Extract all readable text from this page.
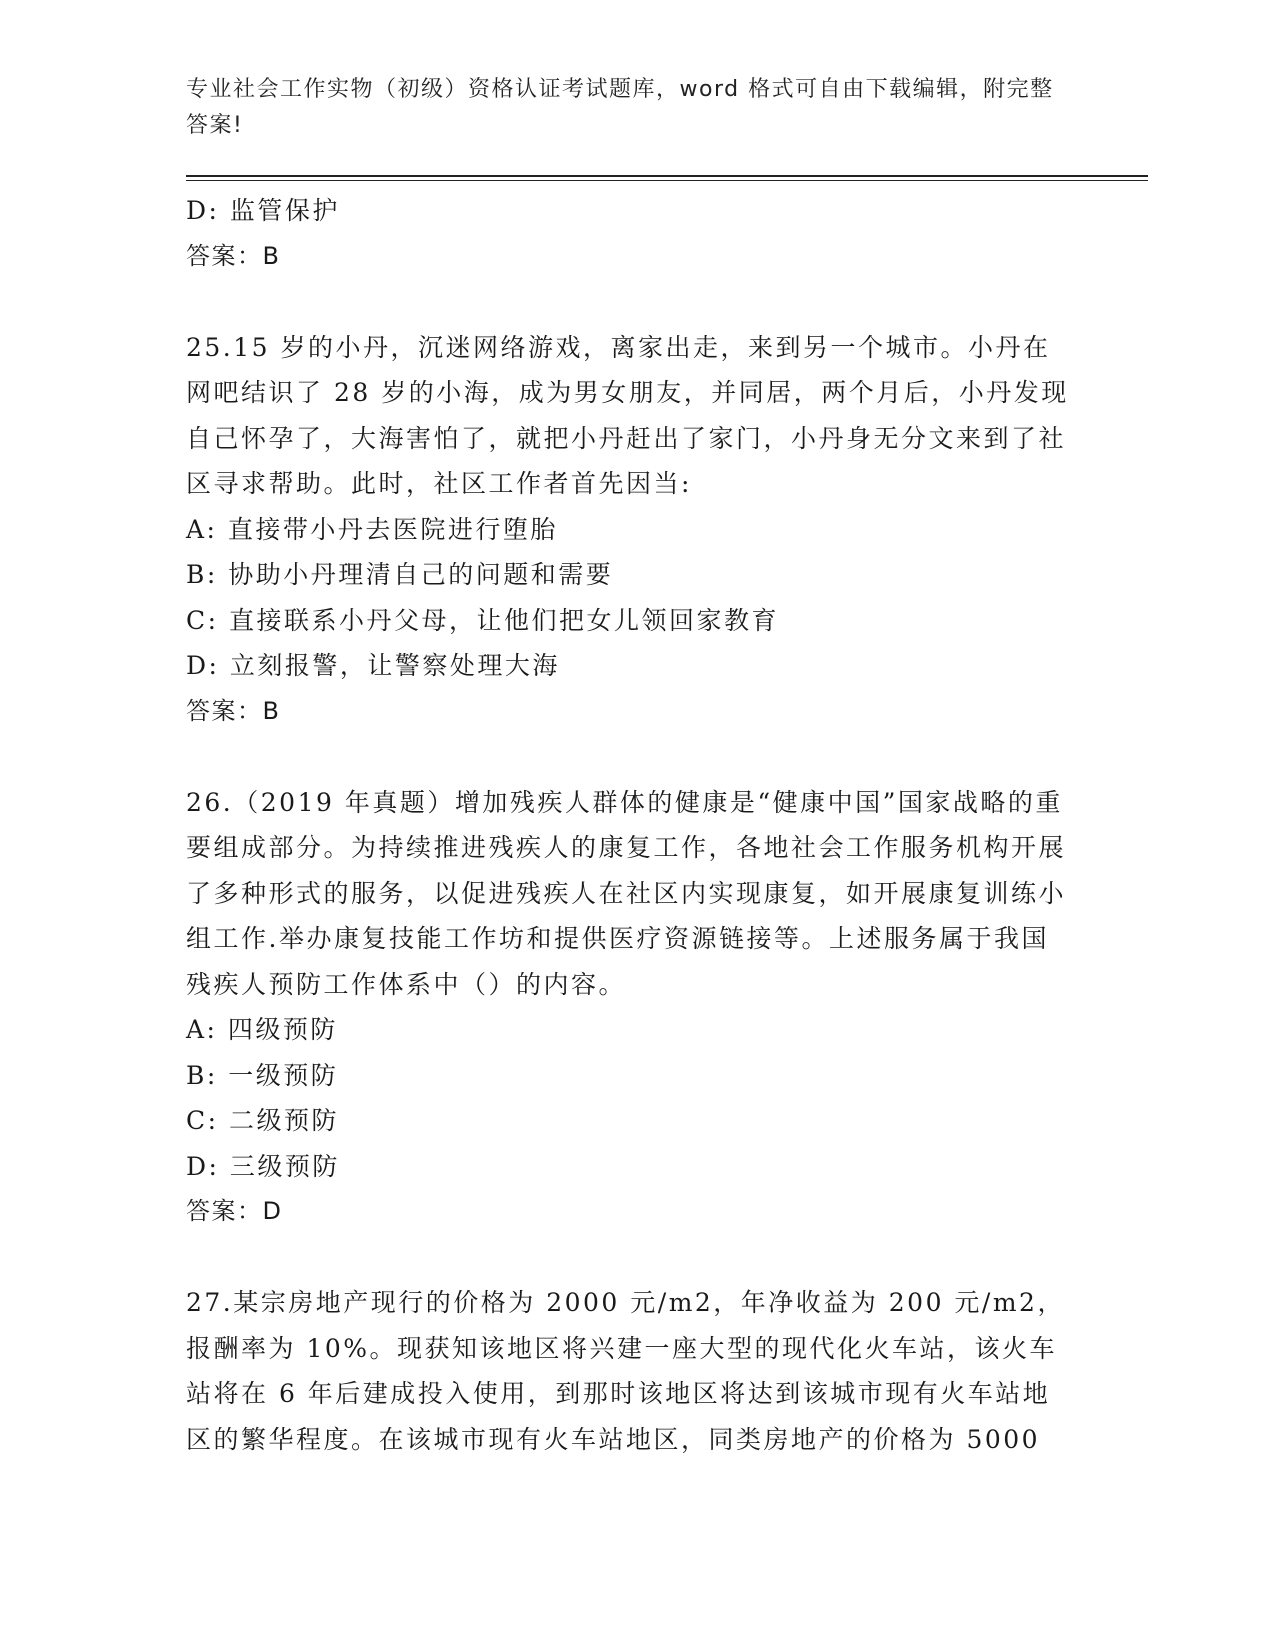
专业社会工作实物（初级）资格认证考试题库，word 格式可自由下载编辑，附完整答案!
D: 监管保护
答案：B
25.15 岁的小丹，沉迷网络游戏，离家出走，来到另一个城市。小丹在网吧结识了 28 岁的小海，成为男女朋友，并同居，两个月后，小丹发现自己怀孕了，大海害怕了，就把小丹赶出了家门，小丹身无分文来到了社区寻求帮助。此时，社区工作者首先因当:
A: 直接带小丹去医院进行堕胎
B: 协助小丹理清自己的问题和需要
C: 直接联系小丹父母，让他们把女儿领回家教育
D: 立刻报警，让警察处理大海
答案：B
26.（2019 年真题）增加残疾人群体的健康是“健康中国”国家战略的重要组成部分。为持续推进残疾人的康复工作，各地社会工作服务机构开展了多种形式的服务，以促进残疾人在社区内实现康复，如开展康复训练小组工作.举办康复技能工作坊和提供医疗资源链接等。上述服务属于我国残疾人预防工作体系中（）的内容。
A: 四级预防
B: 一级预防
C: 二级预防
D: 三级预防
答案：D
27.某宗房地产现行的价格为 2000 元/m2，年净收益为 200 元/m2，报酬率为 10%。现获知该地区将兴建一座大型的现代化火车站，该火车站将在 6 年后建成投入使用，到那时该地区将达到该城市现有火车站地区的繁华程度。在该城市现有火车站地区，同类房地产的价格为 5000
